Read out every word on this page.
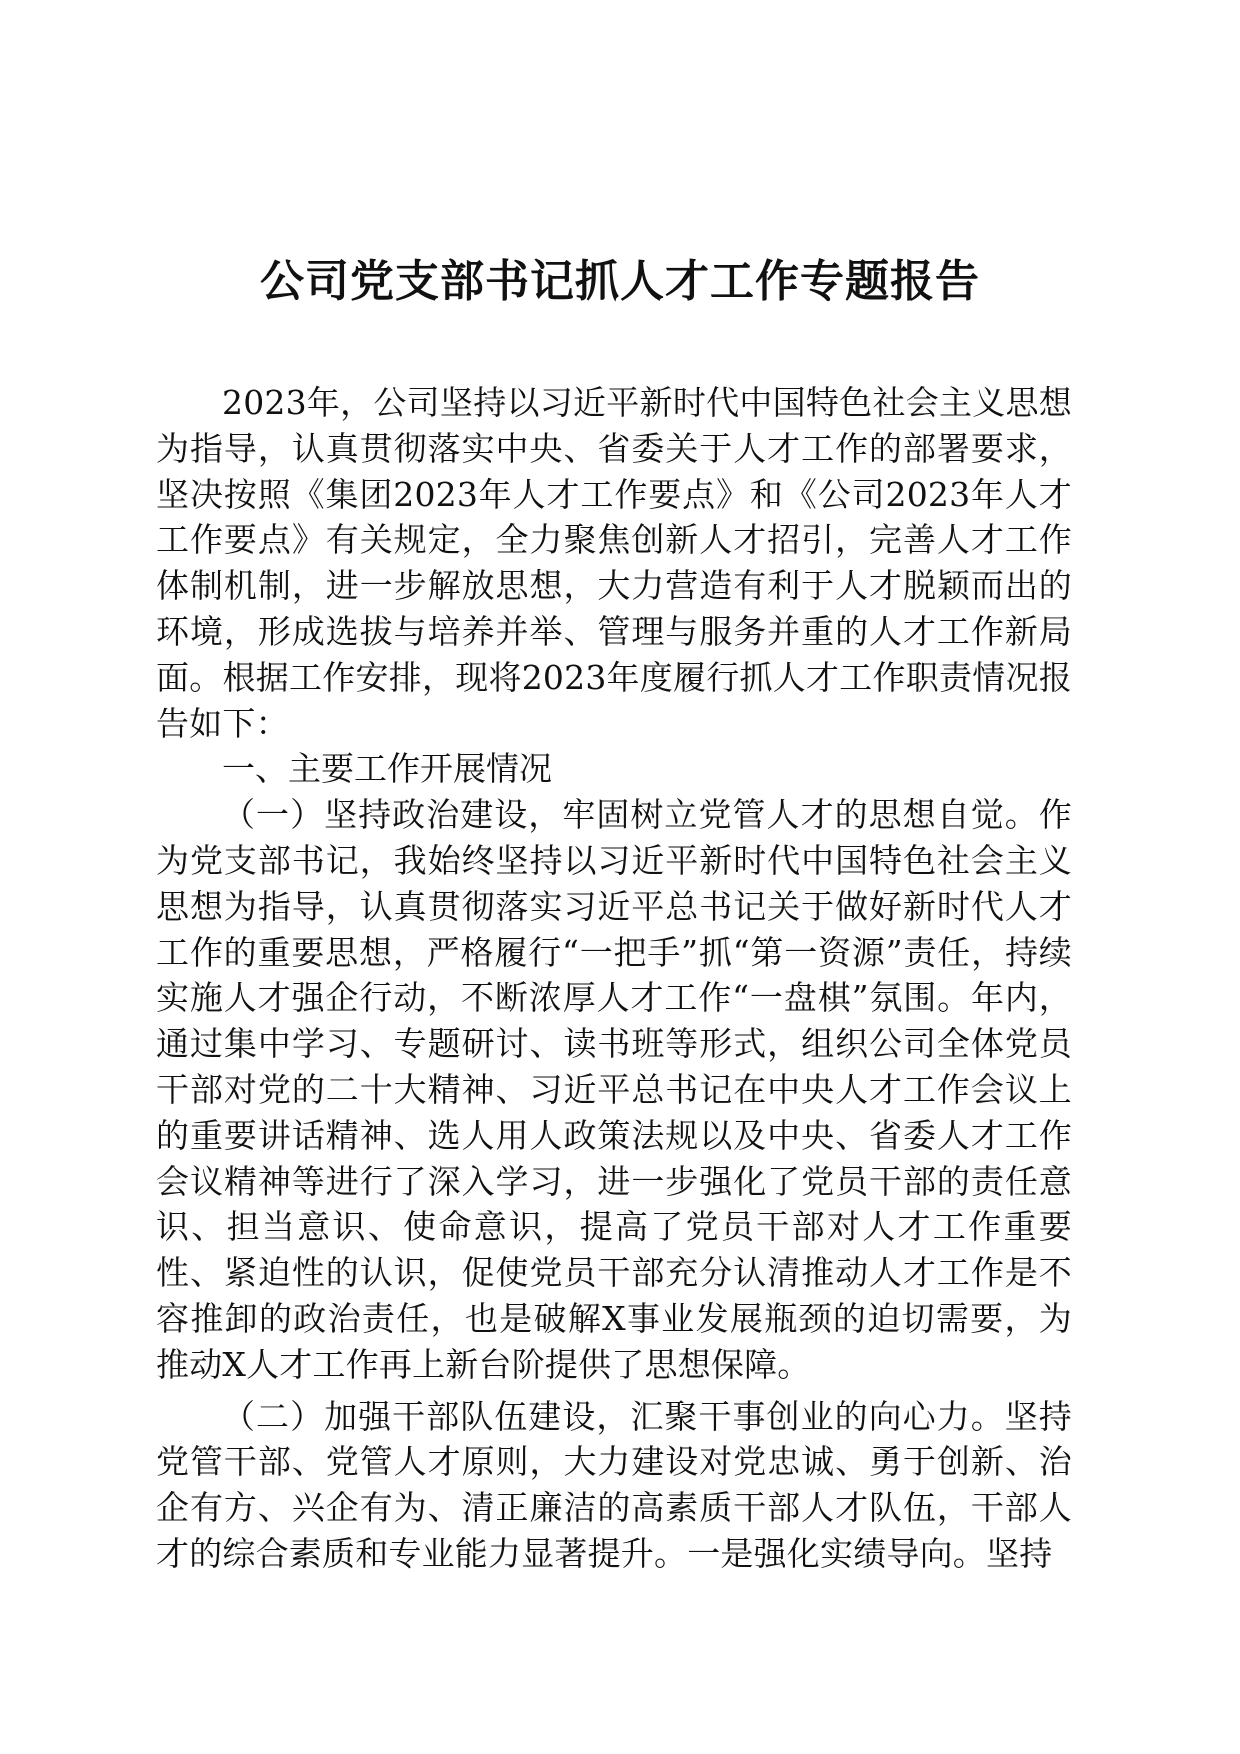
公司党支部书记抓人才工作专题报告

2023年，公司坚持以习近平新时代中国特色社会主义思想为指导，认真贯彻落实中央、省委关于人才工作的部署要求，坚决按照《集团2023年人才工作要点》和《公司2023年人才工作要点》有关规定，全力聚焦创新人才招引，完善人才工作体制机制，进一步解放思想，大力营造有利于人才脱颖而出的环境，形成选拔与培养并举、管理与服务并重的人才工作新局面。根据工作安排，现将2023年度履行抓人才工作职责情况报告如下：

一、主要工作开展情况

（一）坚持政治建设，牢固树立党管人才的思想自觉。作为党支部书记，我始终坚持以习近平新时代中国特色社会主义思想为指导，认真贯彻落实习近平总书记关于做好新时代人才工作的重要思想，严格履行“一把手”抓“第一资源”责任，持续实施人才强企行动，不断浓厚人才工作“一盘棋”氛围。年内，通过集中学习、专题研讨、读书班等形式，组织公司全体党员干部对党的二十大精神、习近平总书记在中央人才工作会议上的重要讲话精神、选人用人政策法规以及中央、省委人才工作会议精神等进行了深入学习，进一步强化了党员干部的责任意识、担当意识、使命意识，提高了党员干部对人才工作重要性、紧迫性的认识，促使党员干部充分认清推动人才工作是不容推卸的政治责任，也是破解X事业发展瓶颈的迫切需要，为推动X人才工作再上新台阶提供了思想保障。

（二）加强干部队伍建设，汇聚干事创业的向心力。坚持党管干部、党管人才原则，大力建设对党忠诚、勇于创新、治企有方、兴企有为、清正廉洁的高素质干部人才队伍，干部人才的综合素质和专业能力显著提升。一是强化实绩导向。坚持
